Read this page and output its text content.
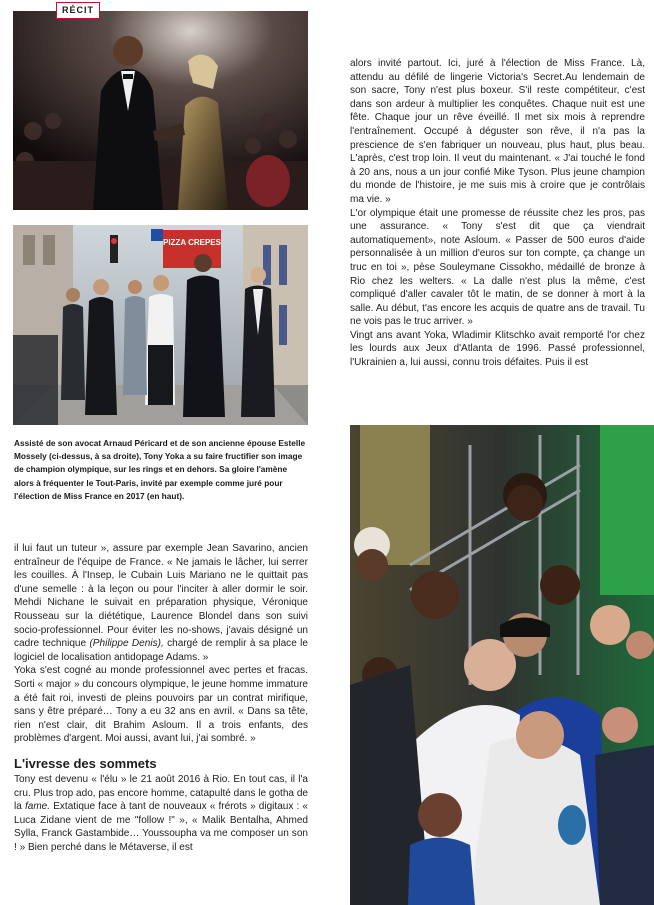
RÉCIT
PIZZA CREPES
Assisté de son avocat Arnaud Péricard et de son ancienne épouse Estelle Mossely (ci-dessus, à sa droite), Tony Yoka a su faire fructifier son image de champion olympique, sur les rings et en dehors. Sa gloire l'amène alors à fréquenter le Tout-Paris, invité par exemple comme juré pour l'élection de Miss France en 2017 (en haut).

alors invité partout. Ici, juré à l'élection de Miss France. Là, attendu au défilé de lingerie Victoria's Secret.Au lendemain de son sacre, Tony n'est plus boxeur. S'il reste compétiteur, c'est dans son ardeur à multiplier les conquêtes. Chaque nuit est une fête. Chaque jour un rêve éveillé. Il met six mois à reprendre l'entraînement. Occupé à déguster son rêve, il n'a pas la prescience de s'en fabriquer un nouveau, plus haut, plus beau. L'après, c'est trop loin. Il veut du maintenant. « J'ai touché le fond à 20 ans, nous a un jour confié Mike Tyson. Plus jeune champion du monde de l'histoire, je me suis mis à croire que je contrôlais ma vie. »

L'or olympique était une promesse de réussite chez les pros, pas une assurance. « Tony s'est dit que ça viendrait automatiquement», note Asloum. « Passer de 500 euros d'aide personnalisée à un million d'euros sur ton compte, ça change un truc en toi », pèse Souleymane Cissokho, médaillé de bronze à Rio chez les welters. « La dalle n'est plus la même, c'est compliqué d'aller cavaler tôt le matin, de se donner à mort à la salle. Au début, t'as encore les acquis de quatre ans de travail. Tu ne vois pas le truc arriver. »

Vingt ans avant Yoka, Wladimir Klitschko avait remporté l'or chez les lourds aux Jeux d'Atlanta de 1996. Passé professionnel, l'Ukrainien a, lui aussi, connu trois défaites. Puis il est

il lui faut un tuteur », assure par exemple Jean Savarino, ancien entraîneur de l'équipe de France. « Ne jamais le lâcher, lui serrer les couilles. À l'Insep, le Cubain Luis Mariano ne le quittait pas d'une semelle : à la leçon ou pour l'inciter à aller dormir le soir. Mehdi Nichane le suivait en préparation physique, Véronique Rousseau sur la diététique, Laurence Blondel dans son suivi socio-professionnel. Pour éviter les no-shows, j'avais désigné un cadre technique (Philippe Denis), chargé de remplir à sa place le logiciel de localisation antidopage Adams. »

Yoka s'est cogné au monde professionnel avec pertes et fracas. Sorti « major » du concours olympique, le jeune homme immature a été fait roi, investi de pleins pouvoirs par un contrat mirifique, sans y être préparé… Tony a eu 32 ans en avril. « Dans sa tête, rien n'est clair, dit Brahim Asloum. Il a trois enfants, des problèmes d'argent. Moi aussi, avant lui, j'ai sombré. »

L'ivresse des sommets

Tony est devenu « l'élu » le 21 août 2016 à Rio. En tout cas, il l'a cru. Plus trop ado, pas encore homme, catapulté dans le gotha de la fame. Extatique face à tant de nouveaux « frérots » digitaux : « Luca Zidane vient de me "follow !" », « Malik Bentalha, Ahmed Sylla, Franck Gastambide… Youssoupha va me composer un son ! » Bien perché dans le Métaverse, il est
